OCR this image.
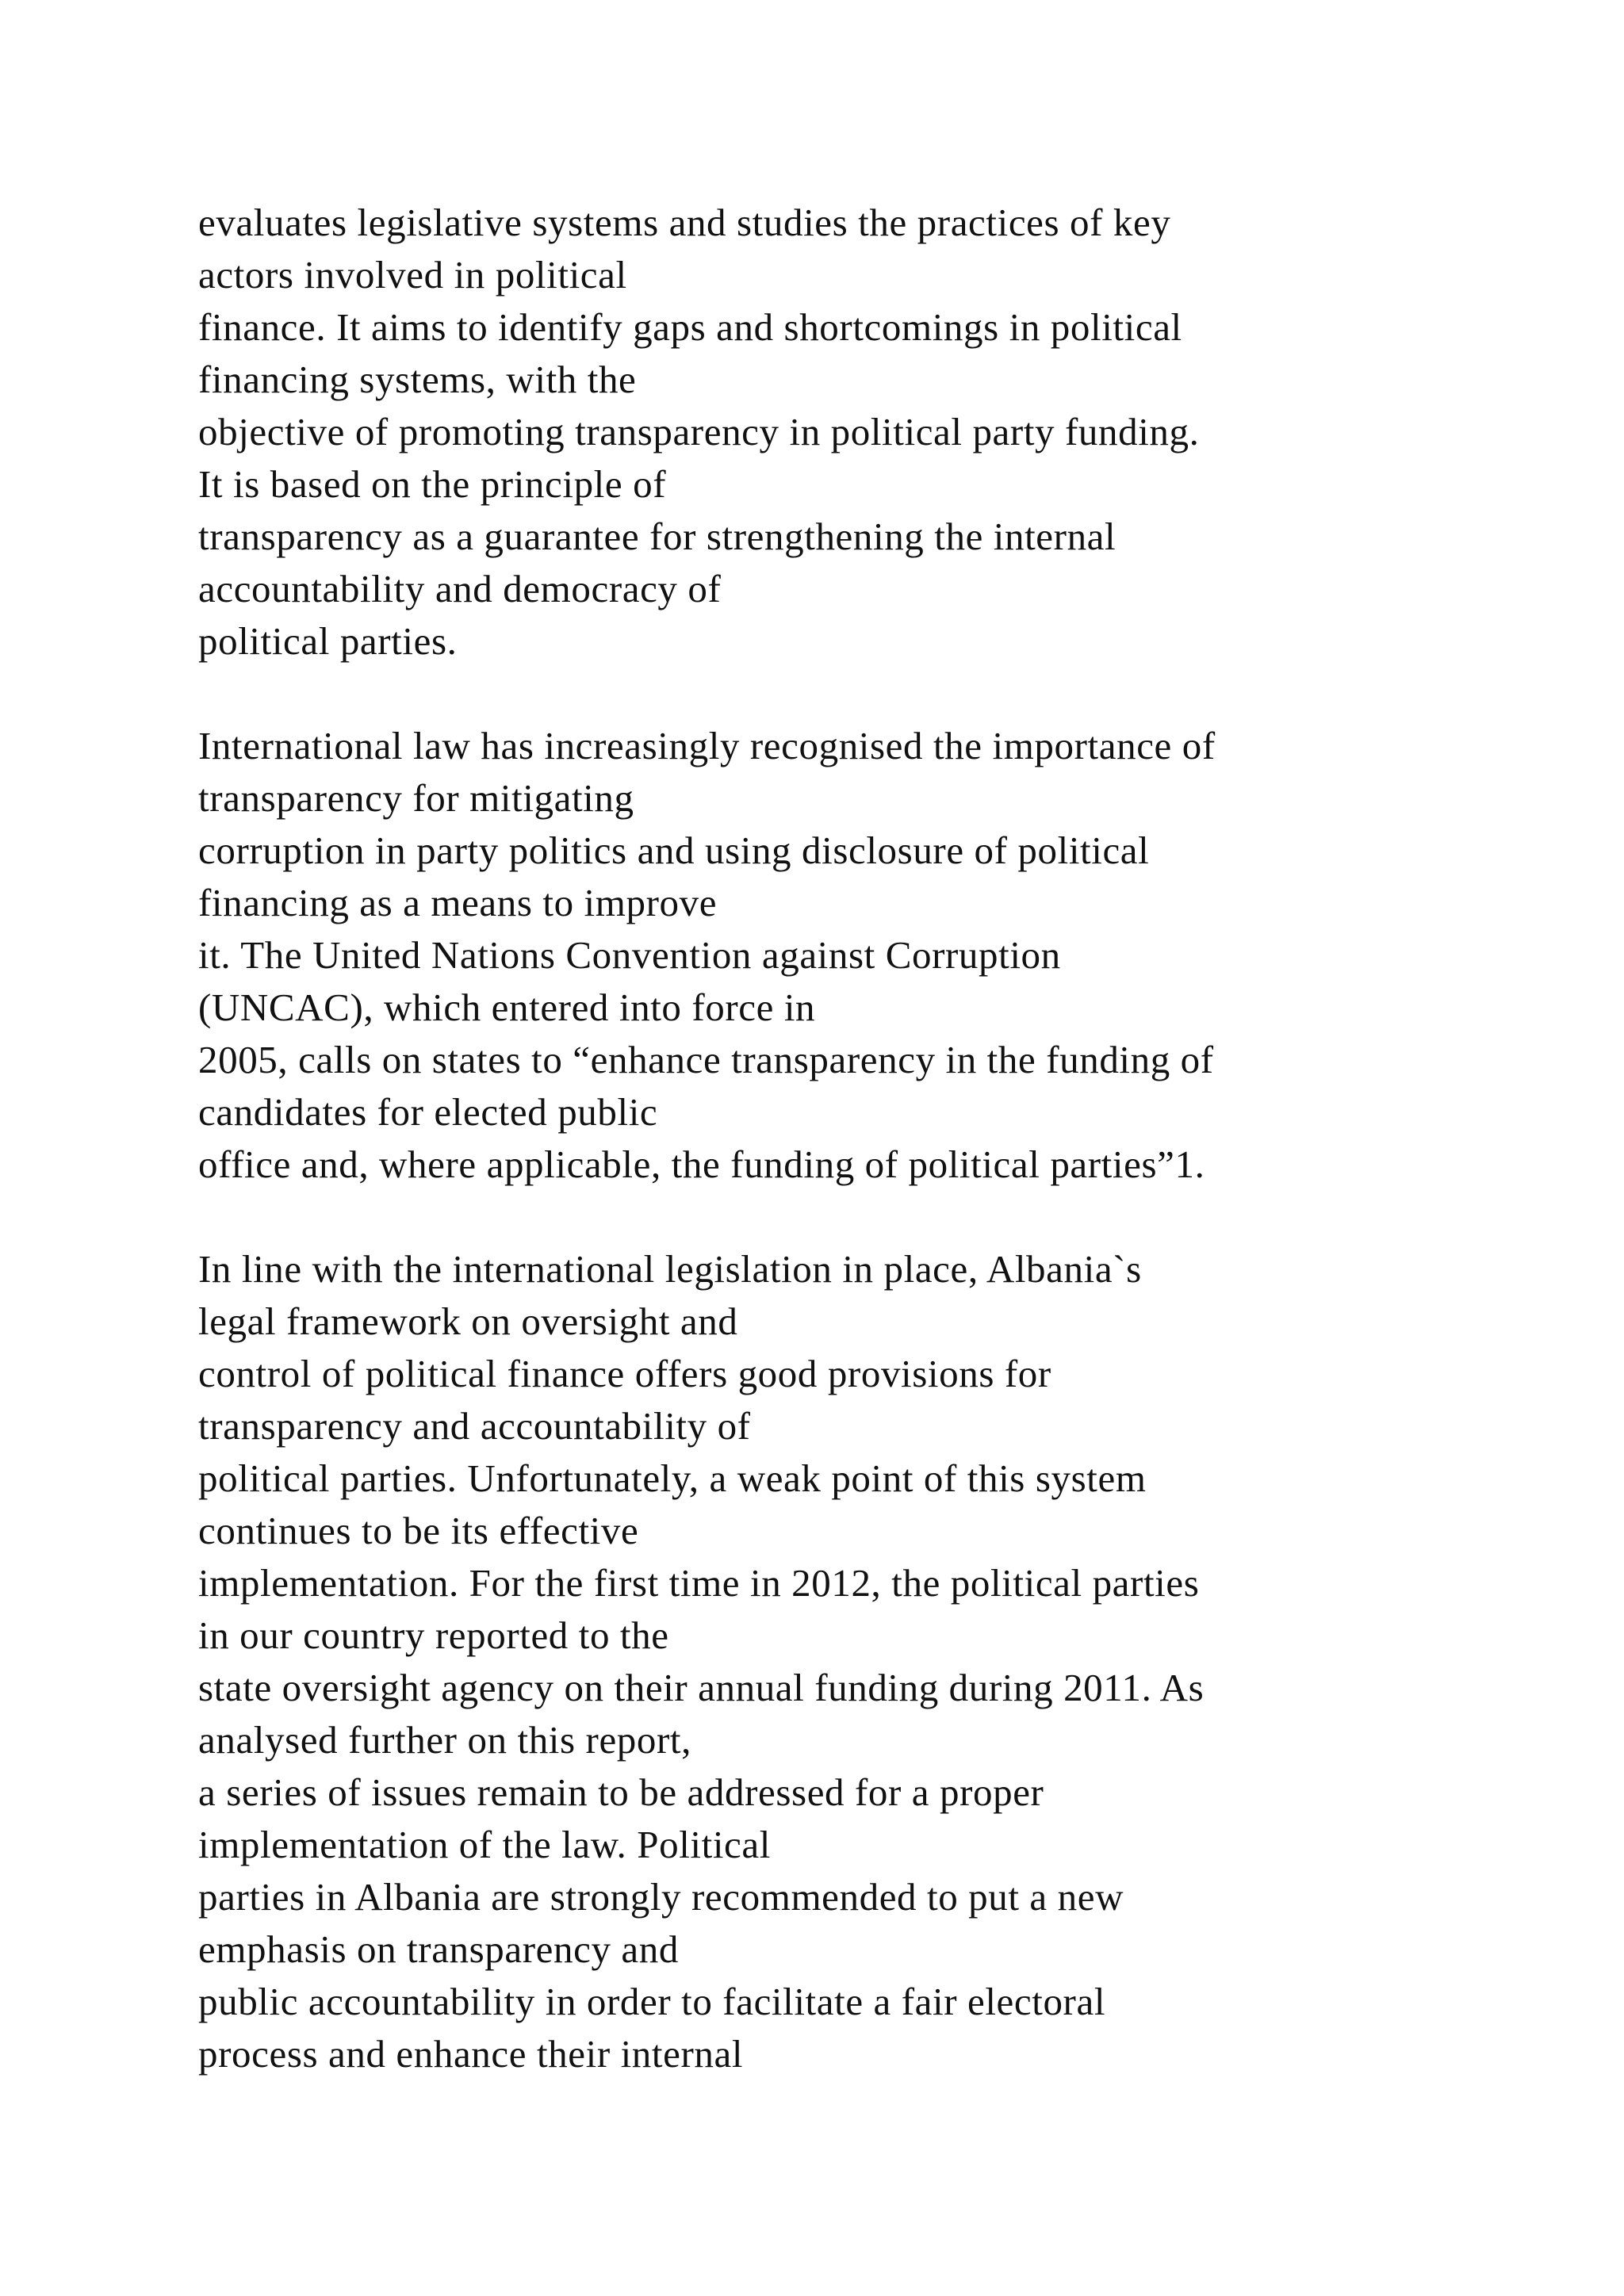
evaluates legislative systems and studies the practices of key
actors involved in political
finance. It aims to identify gaps and shortcomings in political
financing systems, with the
objective of promoting transparency in political party funding.
It is based on the principle of
transparency as a guarantee for strengthening the internal
accountability and democracy of
political parties.
International law has increasingly recognised the importance of
transparency for mitigating
corruption in party politics and using disclosure of political
financing as a means to improve
it. The United Nations Convention against Corruption
(UNCAC), which entered into force in
2005, calls on states to “enhance transparency in the funding of
candidates for elected public
office and, where applicable, the funding of political parties”1.
In line with the international legislation in place, Albania`s
legal framework on oversight and
control of political finance offers good provisions for
transparency and accountability of
political parties. Unfortunately, a weak point of this system
continues to be its effective
implementation. For the first time in 2012, the political parties
in our country reported to the
state oversight agency on their annual funding during 2011. As
analysed further on this report,
a series of issues remain to be addressed for a proper
implementation of the law. Political
parties in Albania are strongly recommended to put a new
emphasis on transparency and
public accountability in order to facilitate a fair electoral
process and enhance their internal
